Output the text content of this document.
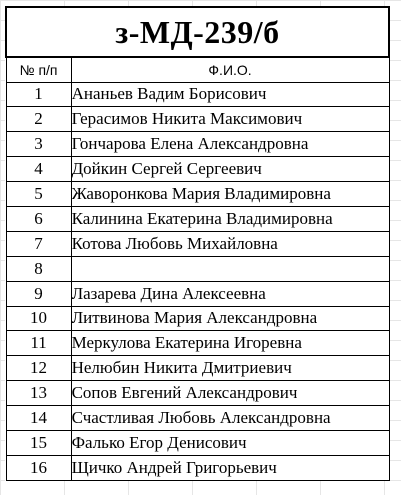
з-МД-239/б	
№ п/п	Ф.И.О.
1	Ананьев Вадим Борисович
2	Герасимов Никита Максимович
3	Гончарова Елена Александровна
4	Дойкин Сергей Сергеевич
5	Жаворонкова Мария Владимировна
6	Калинина Екатерина Владимировна
7	Котова Любовь Михайловна
8	
9	Лазарева Дина Алексеевна
10	Литвинова Мария Александровна
11	Меркулова Екатерина Игоревна
12	Нелюбин Никита Дмитриевич
13	Сопов Евгений Александрович
14	Счастливая Любовь Александровна
15	Фалько Егор Денисович
16	Щичко Андрей Григорьевич
